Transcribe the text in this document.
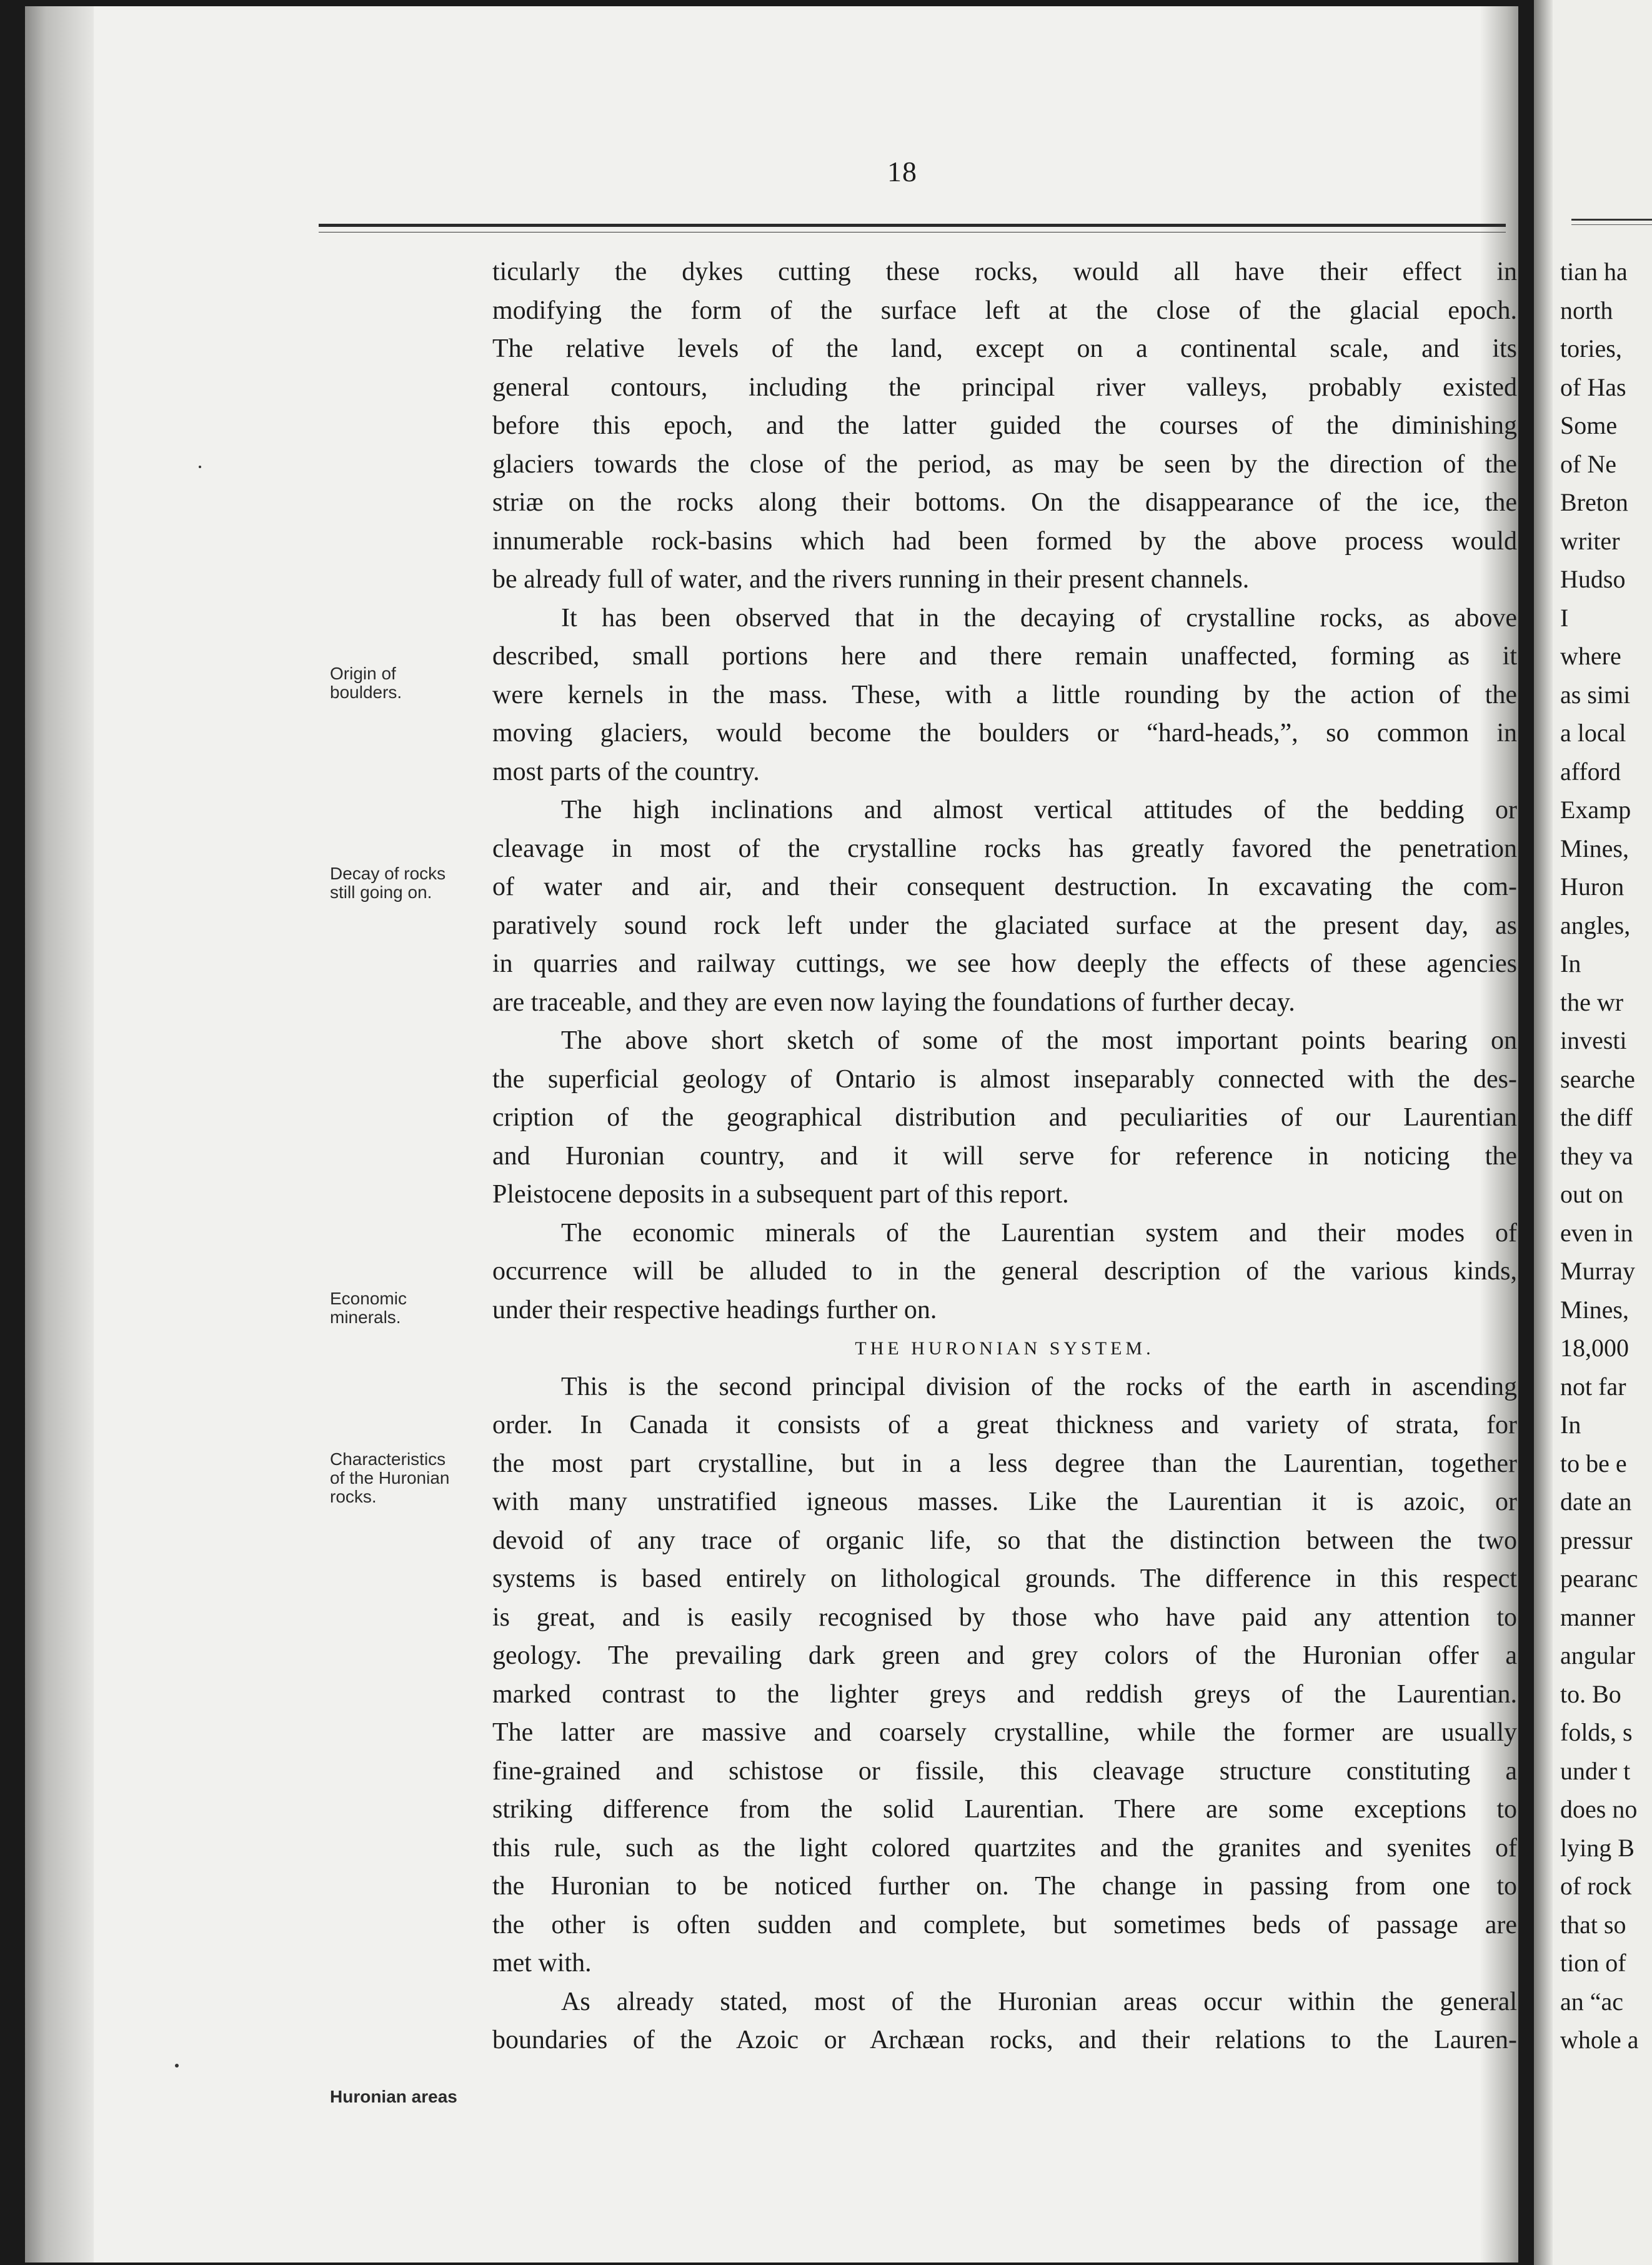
18
Origin of
boulders.
Decay of rocks
still going on.
Economic
minerals.
Characteristics
of the Huronian
rocks.
Huronian areas
ticularly the dykes cutting these rocks, would all have their effect in
modifying the form of the surface left at the close of the glacial epoch.
The relative levels of the land, except on a continental scale, and its
general contours, including the principal river valleys, probably existed
before this epoch, and the latter guided the courses of the diminishing
glaciers towards the close of the period, as may be seen by the direction of the
striæ on the rocks along their bottoms. On the disappearance of the ice, the
innumerable rock-basins which had been formed by the above process would
be already full of water, and the rivers running in their present channels.
It has been observed that in the decaying of crystalline rocks, as above
described, small portions here and there remain unaffected, forming as it
were kernels in the mass. These, with a little rounding by the action of the
moving glaciers, would become the boulders or “hard-heads,”, so common in
most parts of the country.
The high inclinations and almost vertical attitudes of the bedding or
cleavage in most of the crystalline rocks has greatly favored the penetration
of water and air, and their consequent destruction. In excavating the com-
paratively sound rock left under the glaciated surface at the present day, as
in quarries and railway cuttings, we see how deeply the effects of these agencies
are traceable, and they are even now laying the foundations of further decay.
The above short sketch of some of the most important points bearing on
the superficial geology of Ontario is almost inseparably connected with the des-
cription of the geographical distribution and peculiarities of our Laurentian
and Huronian country, and it will serve for reference in noticing the
Pleistocene deposits in a subsequent part of this report.
The economic minerals of the Laurentian system and their modes of
occurrence will be alluded to in the general description of the various kinds,
under their respective headings further on.
THE HURONIAN SYSTEM.
This is the second principal division of the rocks of the earth in ascending
order. In Canada it consists of a great thickness and variety of strata, for
the most part crystalline, but in a less degree than the Laurentian, together
with many unstratified igneous masses. Like the Laurentian it is azoic, or
devoid of any trace of organic life, so that the distinction between the two
systems is based entirely on lithological grounds. The difference in this respect
is great, and is easily recognised by those who have paid any attention to
geology. The prevailing dark green and grey colors of the Huronian offer a
marked contrast to the lighter greys and reddish greys of the Laurentian.
The latter are massive and coarsely crystalline, while the former are usually
fine-grained and schistose or fissile, this cleavage structure constituting a
striking difference from the solid Laurentian. There are some exceptions to
this rule, such as the light colored quartzites and the granites and syenites of
the Huronian to be noticed further on. The change in passing from one to
the other is often sudden and complete, but sometimes beds of passage are
met with.
As already stated, most of the Huronian areas occur within the general
boundaries of the Azoic or Archæan rocks, and their relations to the Lauren-
tian ha
north
tories,
of Has
Some
of Ne
Breton
writer
Hudso
I
where
as simi
a local
afford
Examp
Mines,
Huron
angles,
In
the wr
investi
searche
the diff
they va
out on
even in
Murray
Mines,
18,000
not far
In
to be e
date an
pressur
pearanc
manner
angular
to. Bo
folds, s
under t
does no
lying B
of rock
that so
tion of
an “ac
whole a
